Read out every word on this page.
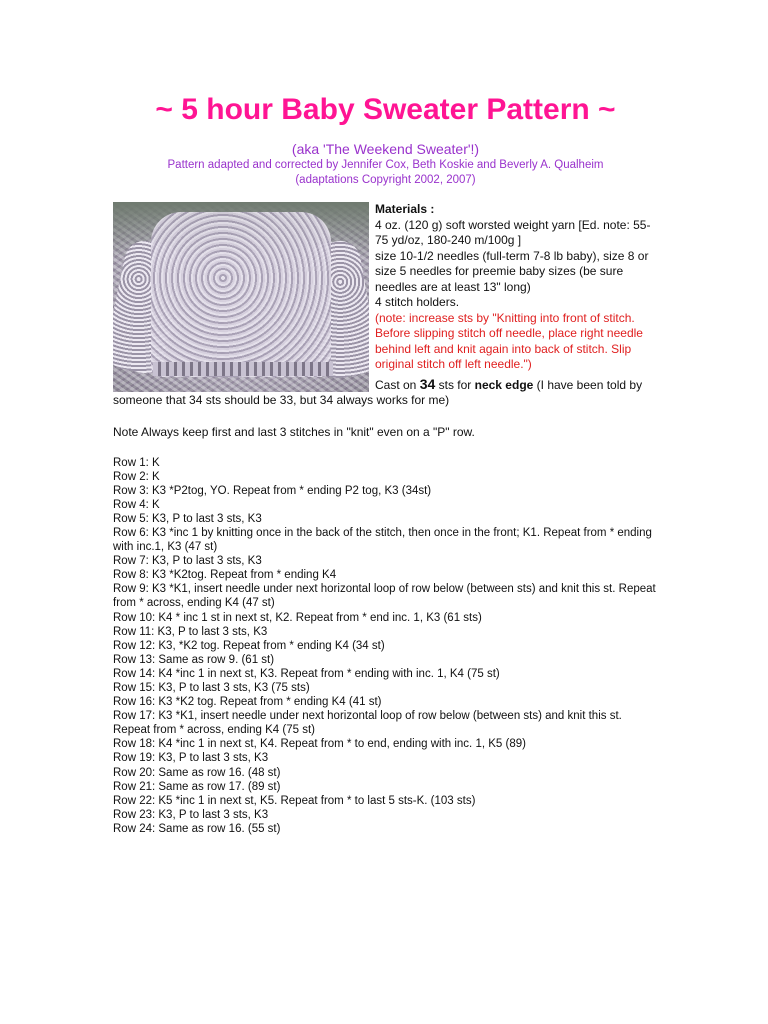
~ 5 hour Baby Sweater Pattern ~
(aka 'The Weekend Sweater'!)
Pattern adapted and corrected by Jennifer Cox, Beth Koskie and Beverly A. Qualheim
(adaptations Copyright 2002, 2007)
Materials :
4 oz. (120 g) soft worsted weight yarn [Ed. note: 55-75 yd/oz, 180-240 m/100g ]
size 10-1/2 needles (full-term 7-8 lb baby), size 8 or size 5 needles for preemie baby sizes (be sure needles are at least 13" long)
4 stitch holders.
(note: increase sts by "Knitting into front of stitch. Before slipping stitch off needle, place right needle behind left and knit again into back of stitch. Slip original stitch off left needle.")
Cast on 34 sts for neck edge (I have been told by someone that 34 sts should be 33, but 34 always works for me)
Note Always keep first and last 3 stitches in "knit" even on a "P" row.
Row 1: K
Row 2: K
Row 3: K3 *P2tog, YO. Repeat from * ending P2 tog, K3 (34st)
Row 4: K
Row 5: K3, P to last 3 sts, K3
Row 6: K3 *inc 1 by knitting once in the back of the stitch, then once in the front; K1. Repeat from * ending with inc.1, K3 (47 st)
Row 7: K3, P to last 3 sts, K3
Row 8: K3 *K2tog. Repeat from * ending K4
Row 9: K3 *K1, insert needle under next horizontal loop of row below (between sts) and knit this st. Repeat from * across, ending K4 (47 st)
Row 10: K4 * inc 1 st in next st, K2. Repeat from * end inc. 1, K3 (61 sts)
Row 11: K3, P to last 3 sts, K3
Row 12: K3, *K2 tog. Repeat from * ending K4 (34 st)
Row 13: Same as row 9. (61 st)
Row 14: K4 *inc 1 in next st, K3. Repeat from * ending with inc. 1, K4 (75 st)
Row 15: K3, P to last 3 sts, K3 (75 sts)
Row 16: K3 *K2 tog. Repeat from * ending K4 (41 st)
Row 17: K3 *K1, insert needle under next horizontal loop of row below (between sts) and knit this st. Repeat from * across, ending K4 (75 st)
Row 18: K4 *inc 1 in next st, K4. Repeat from * to end, ending with inc. 1, K5 (89)
Row 19: K3, P to last 3 sts, K3
Row 20: Same as row 16. (48 st)
Row 21: Same as row 17. (89 st)
Row 22: K5 *inc 1 in next st, K5. Repeat from * to last 5 sts-K. (103 sts)
Row 23: K3, P to last 3 sts, K3
Row 24: Same as row 16. (55 st)
